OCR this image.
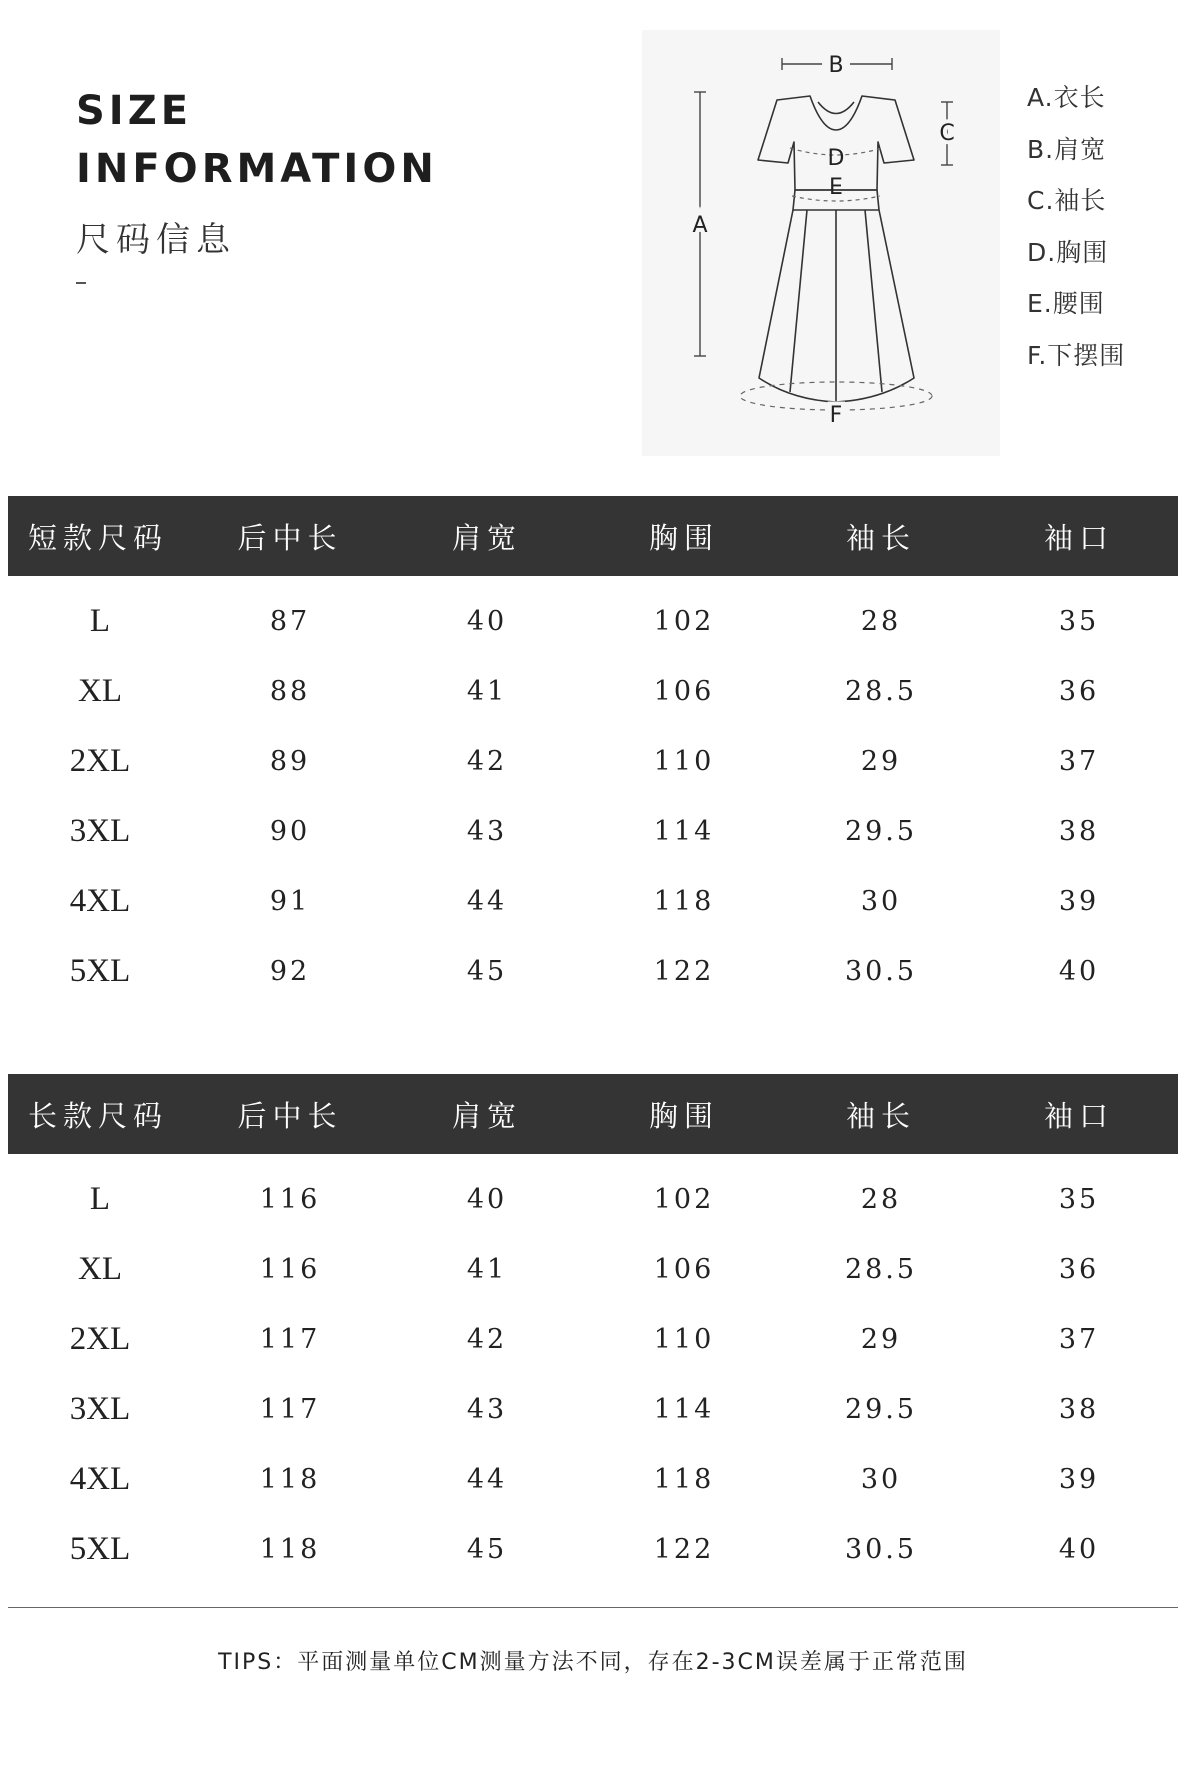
SIZE
INFORMATION
尺码信息
B
A
C
D
E
F
A.衣长
B.肩宽
C.袖长
D.胸围
E.腰围
F.下摆围
短款尺码	后中长	肩宽	胸围	袖长	袖口
L	87	40	102	28	35
XL	88	41	106	28.5	36
2XL	89	42	110	29	37
3XL	90	43	114	29.5	38
4XL	91	44	118	30	39
5XL	92	45	122	30.5	40
长款尺码	后中长	肩宽	胸围	袖长	袖口
L	116	40	102	28	35
XL	116	41	106	28.5	36
2XL	117	42	110	29	37
3XL	117	43	114	29.5	38
4XL	118	44	118	30	39
5XL	118	45	122	30.5	40
TIPS：平面测量单位CM测量方法不同，存在2-3CM误差属于正常范围
